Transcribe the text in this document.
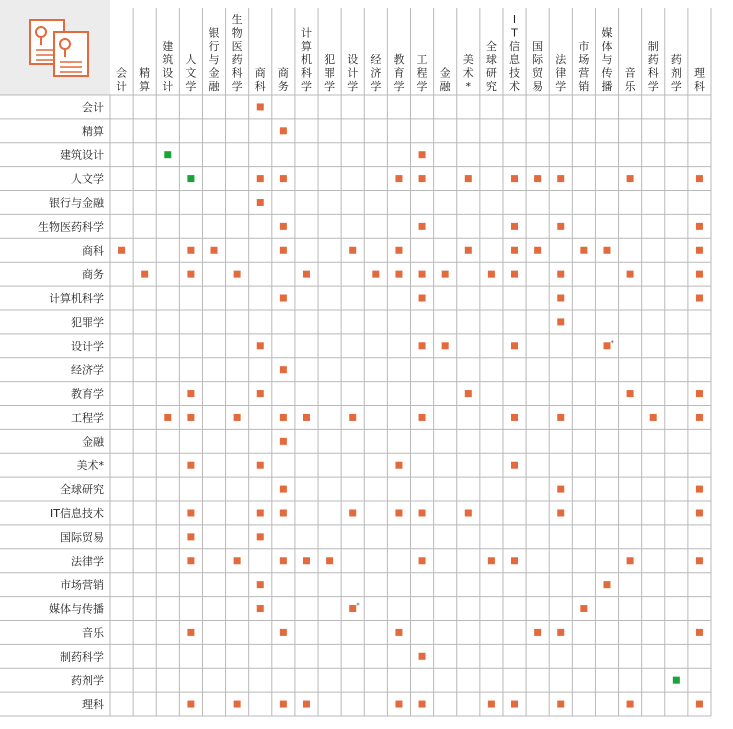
会计
精算
建筑设计
人文学
银行与金融
生物医药科学
商科
商务
计算机科学
犯罪学
设计学
经济学
教育学
工程学
金融
美术*
全球研究
I T 信息技术
国际贸易
法律学
市场营销
媒体与传播
音乐
制药科学
药剂学
理科
会计
精算
建筑设计
人文学
银行与金融
生物医药科学
商科
商务
计算机科学
犯罪学
设计学
经济学
教育学
工程学
金融
美术*
全球研究
IT信息技术
国际贸易
法律学
市场营销
媒体与传播
音乐
制药科学
药剂学
理科
*
*
